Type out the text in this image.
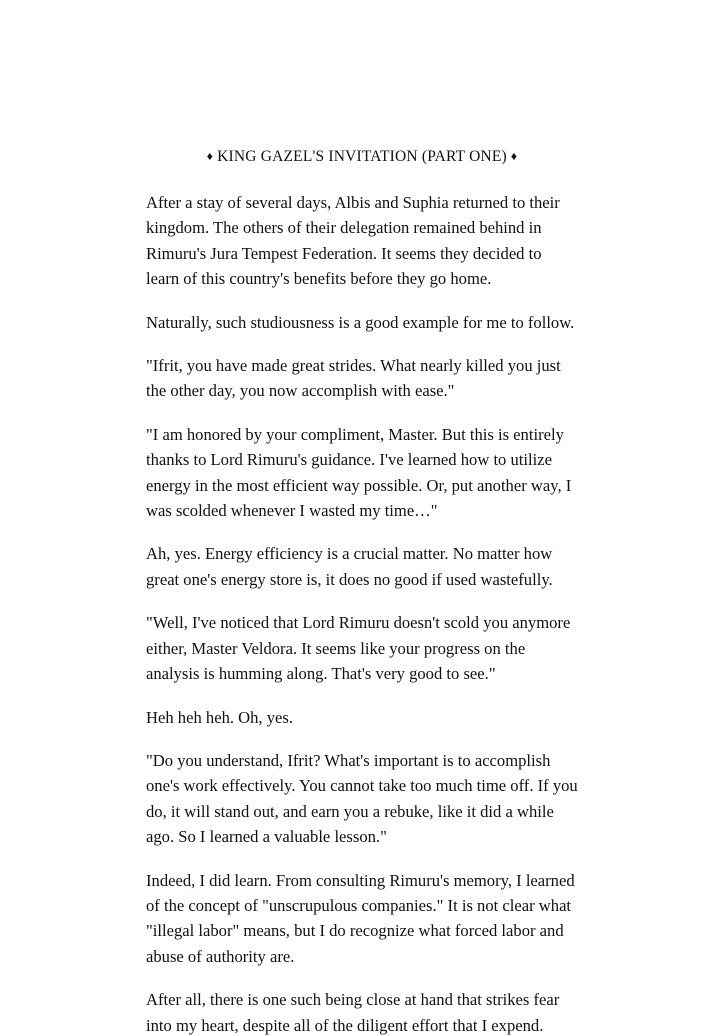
♦ KING GAZEL'S INVITATION (PART ONE) ♦

After a stay of several days, Albis and Suphia returned to their kingdom. The others of their delegation remained behind in Rimuru's Jura Tempest Federation. It seems they decided to learn of this country's benefits before they go home.

Naturally, such studiousness is a good example for me to follow.

"Ifrit, you have made great strides. What nearly killed you just the other day, you now accomplish with ease."

"I am honored by your compliment, Master. But this is entirely thanks to Lord Rimuru's guidance. I've learned how to utilize energy in the most efficient way possible. Or, put another way, I was scolded whenever I wasted my time…"

Ah, yes. Energy efficiency is a crucial matter. No matter how great one's energy store is, it does no good if used wastefully.

"Well, I've noticed that Lord Rimuru doesn't scold you anymore either, Master Veldora. It seems like your progress on the analysis is humming along. That's very good to see."

Heh heh heh. Oh, yes.

"Do you understand, Ifrit? What's important is to accomplish one's work effectively. You cannot take too much time off. If you do, it will stand out, and earn you a rebuke, like it did a while ago. So I learned a valuable lesson."

Indeed, I did learn. From consulting Rimuru's memory, I learned of the concept of "unscrupulous companies." It is not clear what "illegal labor" means, but I do recognize what forced labor and abuse of authority are.

After all, there is one such being close at hand that strikes fear into my heart, despite all of the diligent effort that I expend.
